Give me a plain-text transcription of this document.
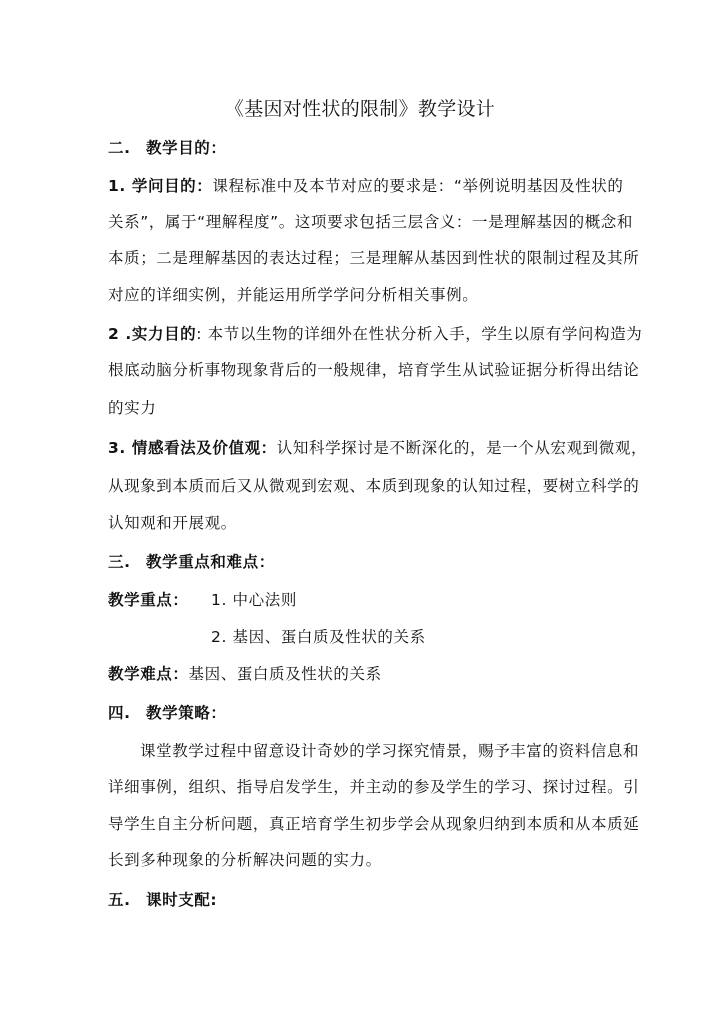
《基因对性状的限制》教学设计
二. 教学目的：
1. 学问目的：课程标准中及本节对应的要求是：“举例说明基因及性状的
关系”，属于“理解程度”。这项要求包括三层含义：一是理解基因的概念和
本质；二是理解基因的表达过程；三是理解从基因到性状的限制过程及其所
对应的详细实例，并能运用所学学问分析相关事例。
2 .实力目的: 本节以生物的详细外在性状分析入手，学生以原有学问构造为
根底动脑分析事物现象背后的一般规律，培育学生从试验证据分析得出结论
的实力
3. 情感看法及价值观：认知科学探讨是不断深化的，是一个从宏观到微观，
从现象到本质而后又从微观到宏观、本质到现象的认知过程，要树立科学的
认知观和开展观。
三. 教学重点和难点：
教学重点：	1. 中心法则
2. 基因、蛋白质及性状的关系
教学难点：基因、蛋白质及性状的关系
四. 教学策略：
课堂教学过程中留意设计奇妙的学习探究情景，赐予丰富的资料信息和
详细事例，组织、指导启发学生，并主动的参及学生的学习、探讨过程。引
导学生自主分析问题，真正培育学生初步学会从现象归纳到本质和从本质延
长到多种现象的分析解决问题的实力。
五. 课时支配:
